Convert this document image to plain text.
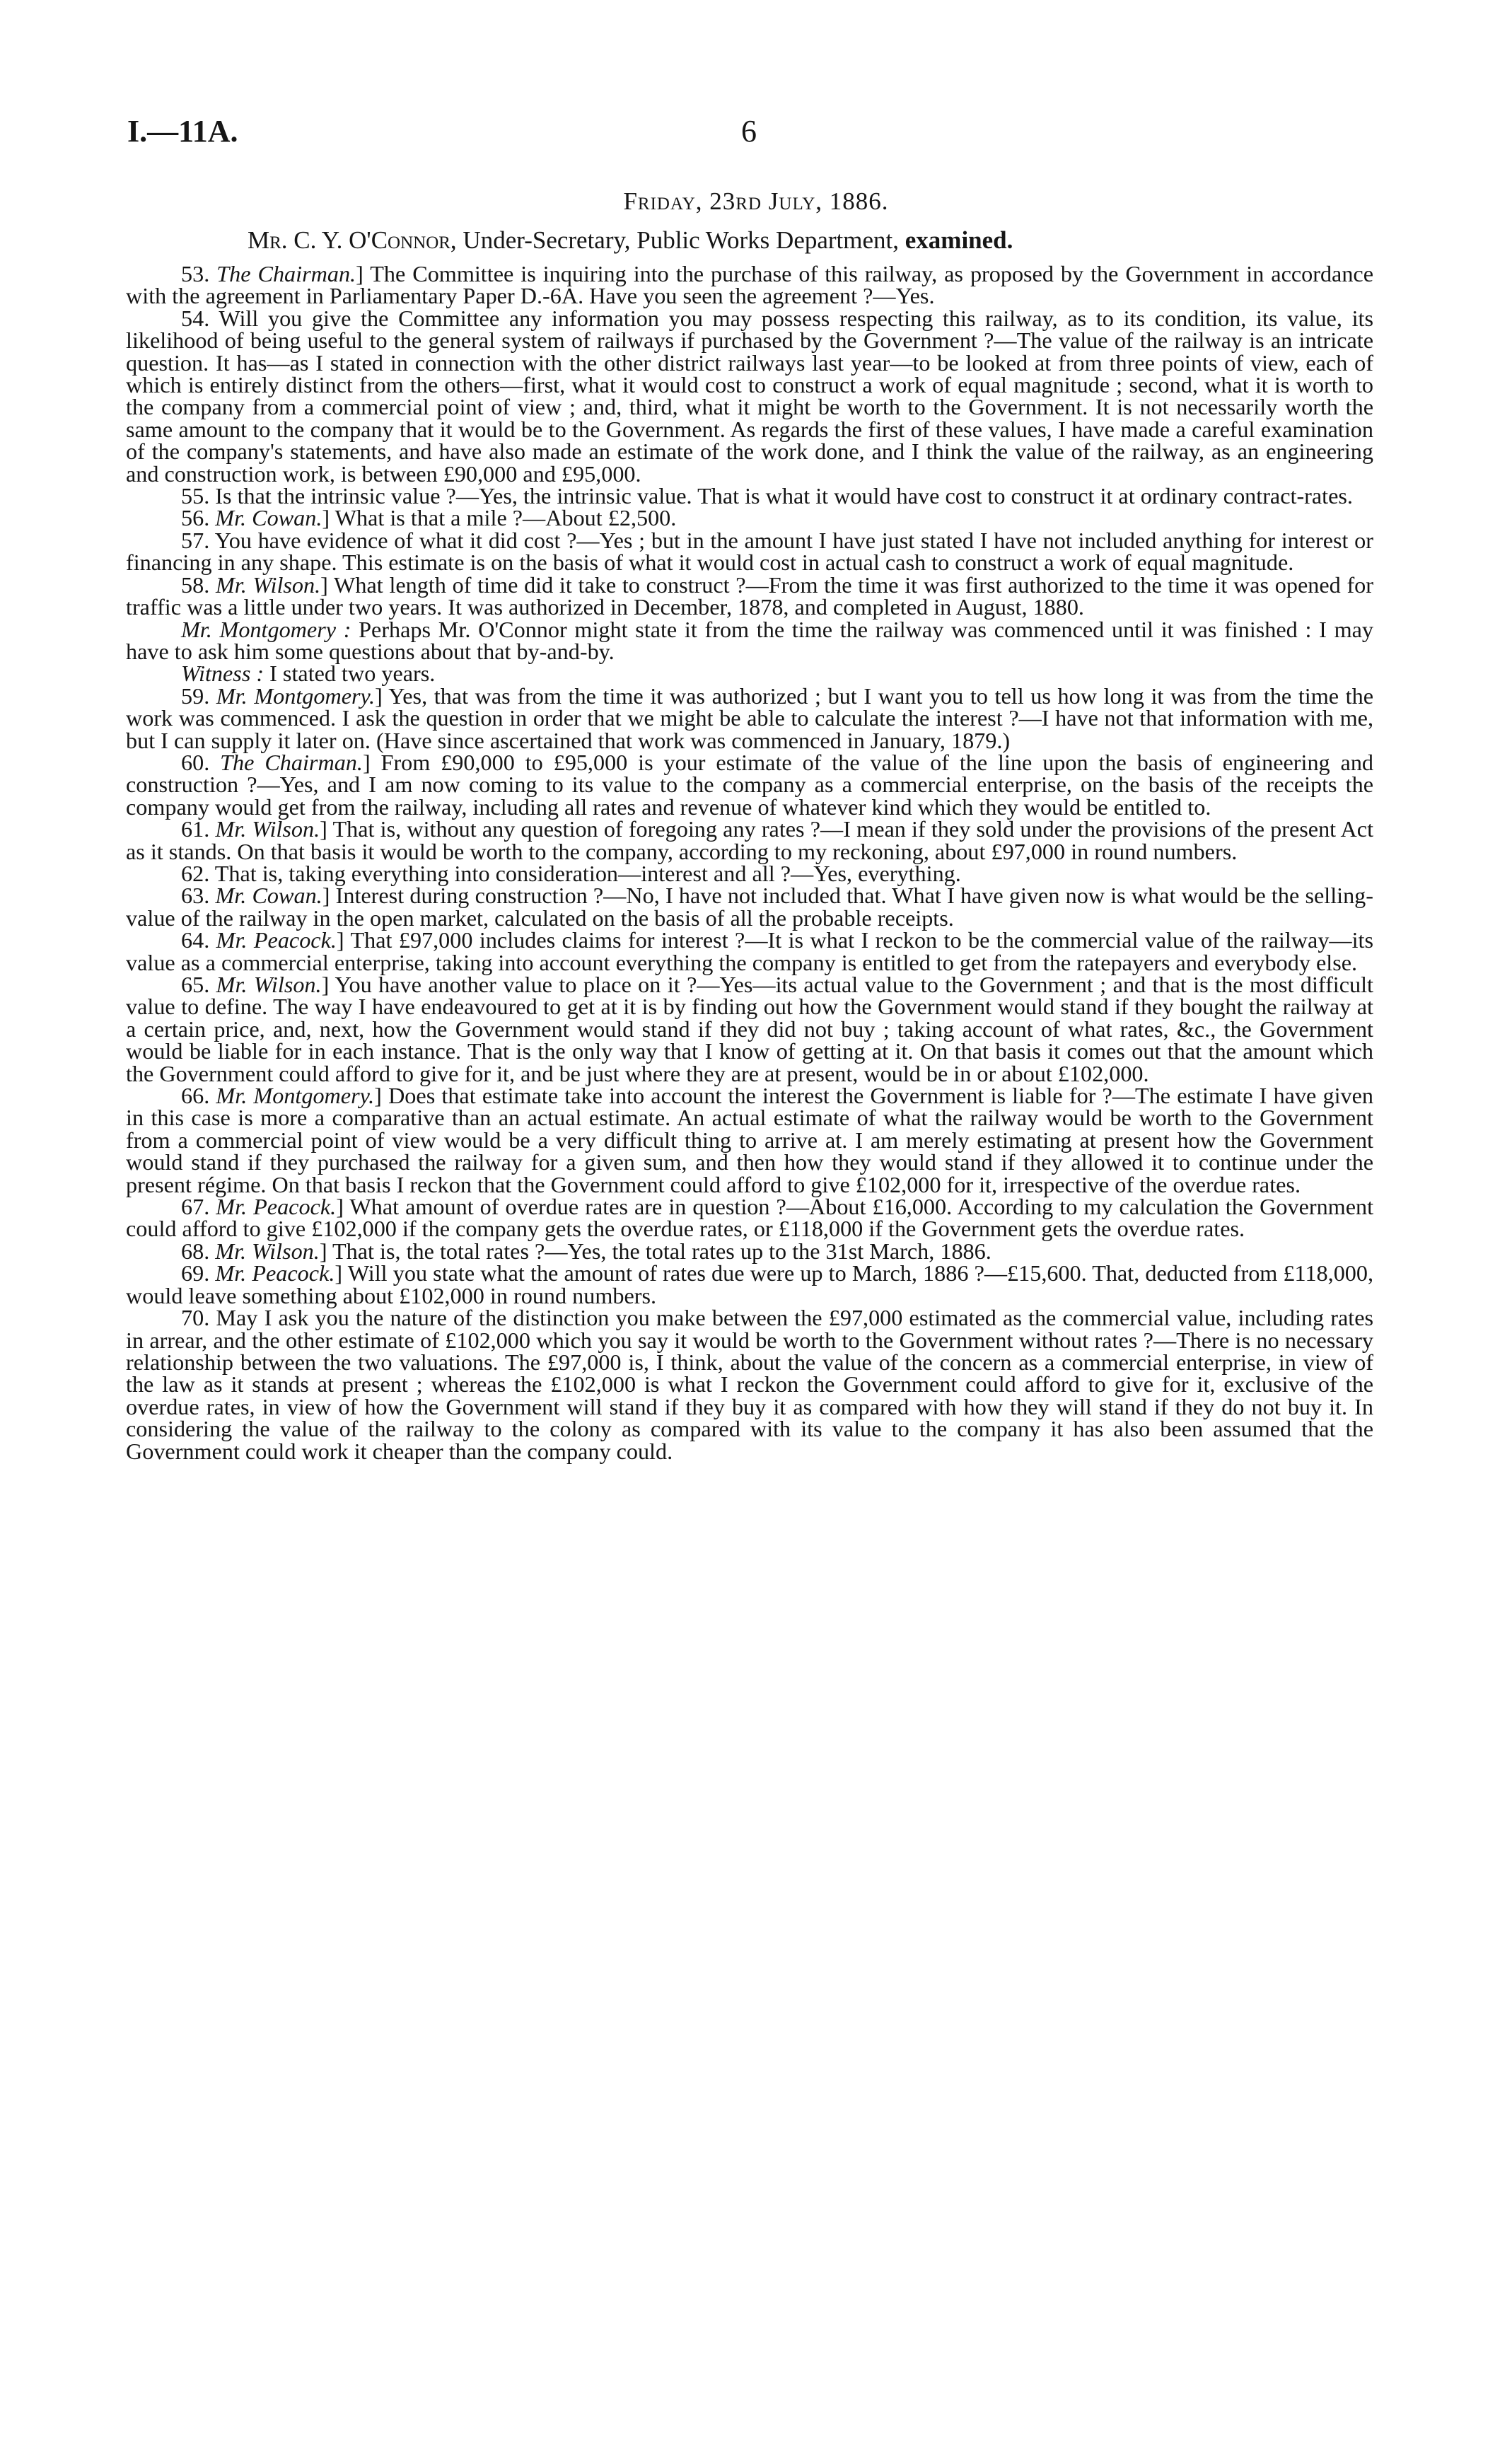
I.—11A.	6
Friday, 23rd July, 1886.
Mr. C. Y. O'Connor, Under-Secretary, Public Works Department, examined.

53. The Chairman.] The Committee is inquiring into the purchase of this railway, as proposed by the Government in accordance with the agreement in Parliamentary Paper D.-6A. Have you seen the agreement ?—Yes.

54. Will you give the Committee any information you may possess respecting this railway, as to its condition, its value, its likelihood of being useful to the general system of railways if purchased by the Government ?—The value of the railway is an intricate question. It has—as I stated in connection with the other district railways last year—to be looked at from three points of view, each of which is entirely distinct from the others—first, what it would cost to construct a work of equal magnitude ; second, what it is worth to the company from a commercial point of view ; and, third, what it might be worth to the Government. It is not necessarily worth the same amount to the company that it would be to the Government. As regards the first of these values, I have made a careful examination of the company's statements, and have also made an estimate of the work done, and I think the value of the railway, as an engineering and construction work, is between £90,000 and £95,000.

55. Is that the intrinsic value ?—Yes, the intrinsic value. That is what it would have cost to construct it at ordinary contract-rates.

56. Mr. Cowan.] What is that a mile ?—About £2,500.

57. You have evidence of what it did cost ?—Yes ; but in the amount I have just stated I have not included anything for interest or financing in any shape. This estimate is on the basis of what it would cost in actual cash to construct a work of equal magnitude.

58. Mr. Wilson.] What length of time did it take to construct ?—From the time it was first authorized to the time it was opened for traffic was a little under two years. It was authorized in December, 1878, and completed in August, 1880.

Mr. Montgomery : Perhaps Mr. O'Connor might state it from the time the railway was commenced until it was finished : I may have to ask him some questions about that by-and-by.

Witness : I stated two years.

59. Mr. Montgomery.] Yes, that was from the time it was authorized ; but I want you to tell us how long it was from the time the work was commenced. I ask the question in order that we might be able to calculate the interest ?—I have not that information with me, but I can supply it later on. (Have since ascertained that work was commenced in January, 1879.)

60. The Chairman.] From £90,000 to £95,000 is your estimate of the value of the line upon the basis of engineering and construction ?—Yes, and I am now coming to its value to the company as a commercial enterprise, on the basis of the receipts the company would get from the railway, including all rates and revenue of whatever kind which they would be entitled to.

61. Mr. Wilson.] That is, without any question of foregoing any rates ?—I mean if they sold under the provisions of the present Act as it stands. On that basis it would be worth to the company, according to my reckoning, about £97,000 in round numbers.

62. That is, taking everything into consideration—interest and all ?—Yes, everything.

63. Mr. Cowan.] Interest during construction ?—No, I have not included that. What I have given now is what would be the selling-value of the railway in the open market, calculated on the basis of all the probable receipts.

64. Mr. Peacock.] That £97,000 includes claims for interest ?—It is what I reckon to be the commercial value of the railway—its value as a commercial enterprise, taking into account everything the company is entitled to get from the ratepayers and everybody else.

65. Mr. Wilson.] You have another value to place on it ?—Yes—its actual value to the Government ; and that is the most difficult value to define. The way I have endeavoured to get at it is by finding out how the Government would stand if they bought the railway at a certain price, and, next, how the Government would stand if they did not buy ; taking account of what rates, &c., the Government would be liable for in each instance. That is the only way that I know of getting at it. On that basis it comes out that the amount which the Government could afford to give for it, and be just where they are at present, would be in or about £102,000.

66. Mr. Montgomery.] Does that estimate take into account the interest the Government is liable for ?—The estimate I have given in this case is more a comparative than an actual estimate. An actual estimate of what the railway would be worth to the Government from a commercial point of view would be a very difficult thing to arrive at. I am merely estimating at present how the Government would stand if they purchased the railway for a given sum, and then how they would stand if they allowed it to continue under the present régime. On that basis I reckon that the Government could afford to give £102,000 for it, irrespective of the overdue rates.

67. Mr. Peacock.] What amount of overdue rates are in question ?—About £16,000. According to my calculation the Government could afford to give £102,000 if the company gets the overdue rates, or £118,000 if the Government gets the overdue rates.

68. Mr. Wilson.] That is, the total rates ?—Yes, the total rates up to the 31st March, 1886.

69. Mr. Peacock.] Will you state what the amount of rates due were up to March, 1886 ?—£15,600. That, deducted from £118,000, would leave something about £102,000 in round numbers.

70. May I ask you the nature of the distinction you make between the £97,000 estimated as the commercial value, including rates in arrear, and the other estimate of £102,000 which you say it would be worth to the Government without rates ?—There is no necessary relationship between the two valuations. The £97,000 is, I think, about the value of the concern as a commercial enterprise, in view of the law as it stands at present ; whereas the £102,000 is what I reckon the Government could afford to give for it, exclusive of the overdue rates, in view of how the Government will stand if they buy it as compared with how they will stand if they do not buy it. In considering the value of the railway to the colony as compared with its value to the company it has also been assumed that the Government could work it cheaper than the company could.
